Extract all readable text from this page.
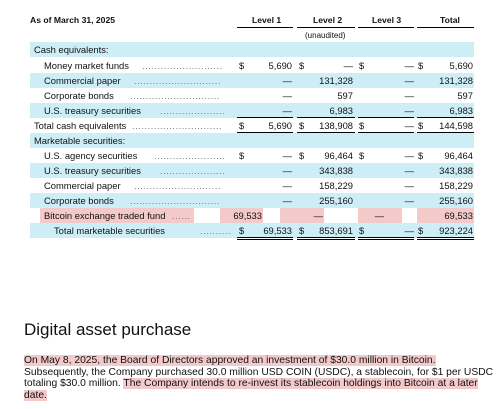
As of March 31, 2025	Level 1	Level 2	Level 3	Total
(unaudited)
Cash equivalents:
Money market funds ..........................	$	5,690 $	— $	— $	5,690
Commercial paper ............................	—	131,328	—	131,328
Corporate bonds .............................	—	597	—	597
U.S. treasury securities .....................	—	6,983	—	6,983
Total cash equivalents .............................	$	5,690 $	138,908 $	— $	144,598
Marketable securities:
U.S. agency securities .......................	$	— $	96,464 $	— $	96,464
U.S. treasury securities .....................	—	343,838	—	343,838
Commercial paper ............................	—	158,229	—	158,229
Corporate bonds .............................	—	255,160	—	255,160
Bitcoin exchange traded fund ......	69,533	—	—	69,533
Total marketable securities	.......... $	69,533 $	853,691 $	— $	923,224
Digital asset purchase
On May 8, 2025, the Board of Directors approved an investment of $30.0 million in Bitcoin. Subsequently, the Company purchased 30.0 million USD COIN (USDC), a stablecoin, for $1 per USDC totaling $30.0 million. The Company intends to re-invest its stablecoin holdings into Bitcoin at a later date.
